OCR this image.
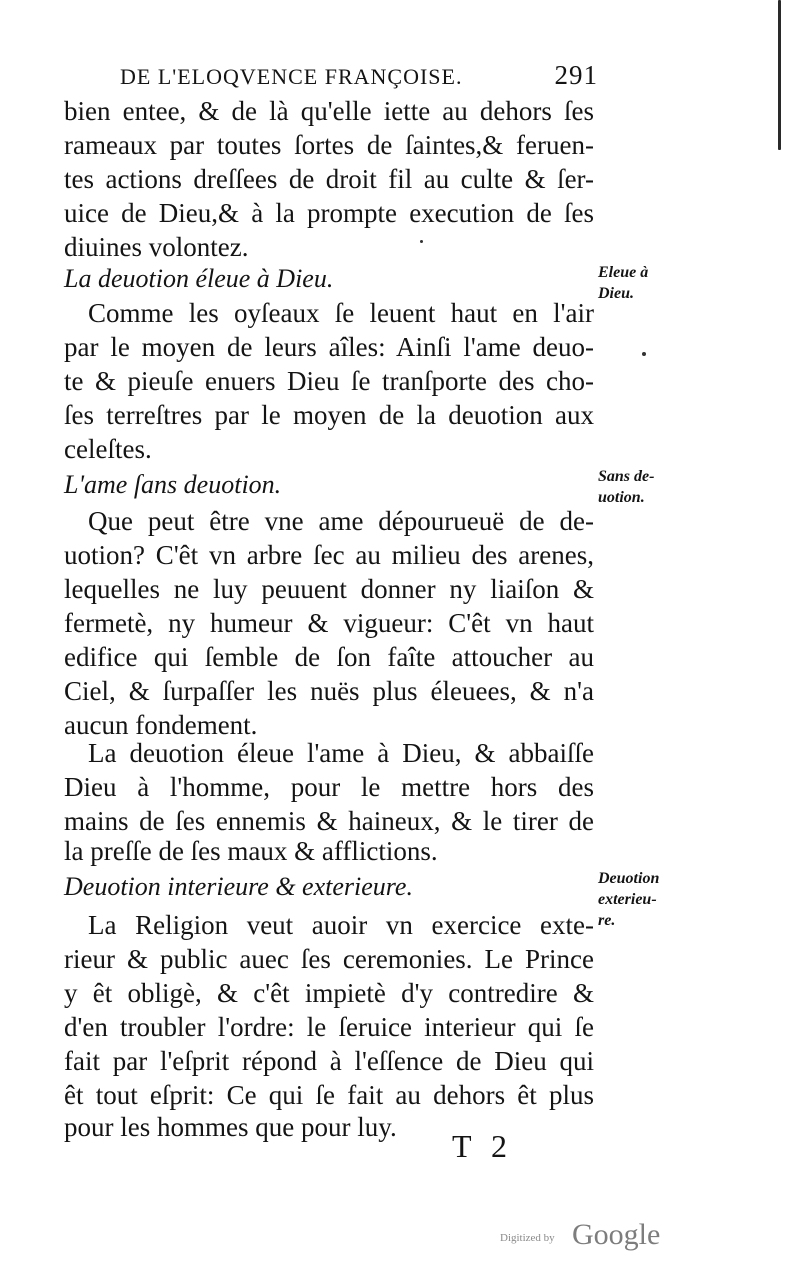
DE L'ELOQVENCE FRANÇOISE.	291
bien entee, & de là qu'elle iette au dehors ſes
rameaux par toutes ſortes de ſaintes,& feruen-
tes actions dreſſees de droit fil au culte & ſer-
uice de Dieu,& à la prompte execution de ſes
diuines volontez.
La deuotion éleue à Dieu.
Comme les oyſeaux ſe leuent haut en l'air
par le moyen de leurs aîles: Ainſi l'ame deuo-
te & pieuſe enuers Dieu ſe tranſporte des cho-
ſes terreſtres par le moyen de la deuotion aux
celeſtes.
L'ame ſans deuotion.
Que peut être vne ame dépourueuë de de-
uotion? C'êt vn arbre ſec au milieu des arenes,
lequelles ne luy peuuent donner ny liaiſon &
fermetè, ny humeur & vigueur: C'êt vn haut
edifice qui ſemble de ſon faîte attoucher au
Ciel, & ſurpaſſer les nuës plus éleuees, & n'a
aucun fondement.
La deuotion éleue l'ame à Dieu, & abbaiſſe
Dieu à l'homme, pour le mettre hors des
mains de ſes ennemis & haineux, & le tirer de
la preſſe de ſes maux & afflictions.
Deuotion interieure & exterieure.
La Religion veut auoir vn exercice exte-
rieur & public auec ſes ceremonies. Le Prince
y êt obligè, & c'êt impietè d'y contredire &
d'en troubler l'ordre: le ſeruice interieur qui ſe
fait par l'eſprit répond à l'eſſence de Dieu qui
êt tout eſprit: Ce qui ſe fait au dehors êt plus
pour les hommes que pour luy.
Eleue à
Dieu.
Sans de-
uotion.
Deuotion
exterieu-
re.
T 2
Digitized by Google
